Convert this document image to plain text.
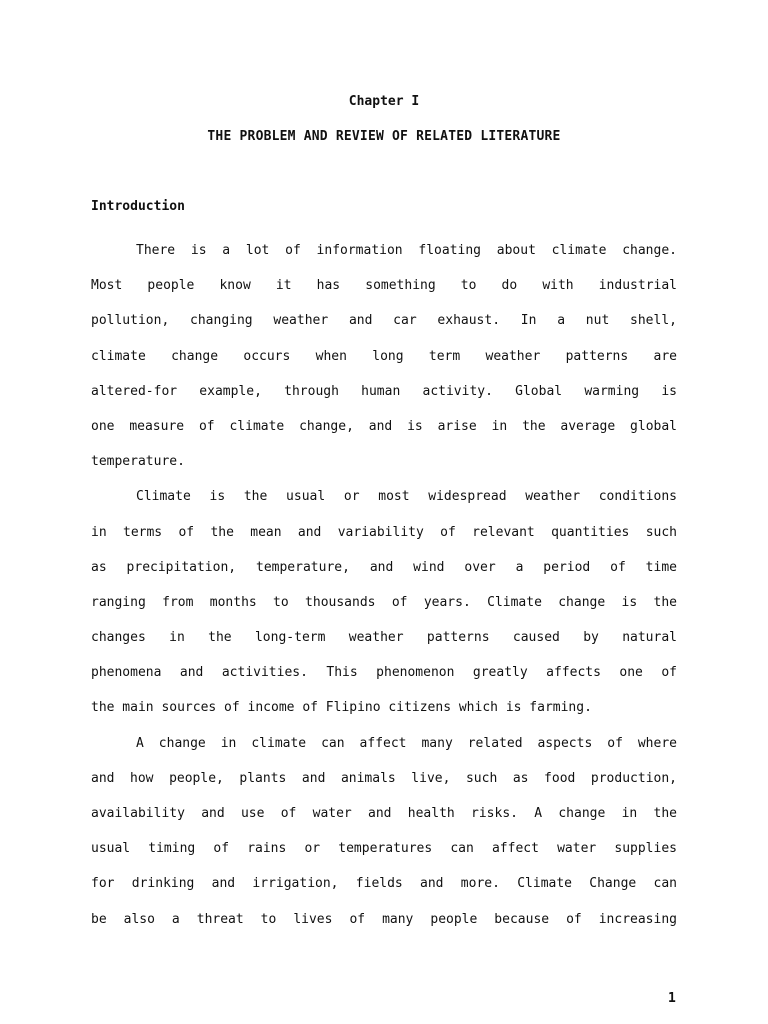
Chapter I
THE PROBLEM AND REVIEW OF RELATED LITERATURE
Introduction
There is a lot of information floating about climate change.
Most people know it has something to do with industrial
pollution, changing weather and car exhaust. In a nut shell,
climate change occurs when long term weather patterns are
altered-for example, through human activity. Global warming is
one measure of climate change, and is arise in the average global
temperature.
Climate is the usual or most widespread weather conditions
in terms of the mean and variability of relevant quantities such
as precipitation, temperature, and wind over a period of time
ranging from months to thousands of years. Climate change is the
changes in the long-term weather patterns caused by natural
phenomena and activities. This phenomenon greatly affects one of
the main sources of income of Flipino citizens which is farming.
A change in climate can affect many related aspects of where
and how people, plants and animals live, such as food production,
availability and use of water and health risks. A change in the
usual timing of rains or temperatures can affect water supplies
for drinking and irrigation, fields and more. Climate Change can
be also a threat to lives of many people because of increasing
1
